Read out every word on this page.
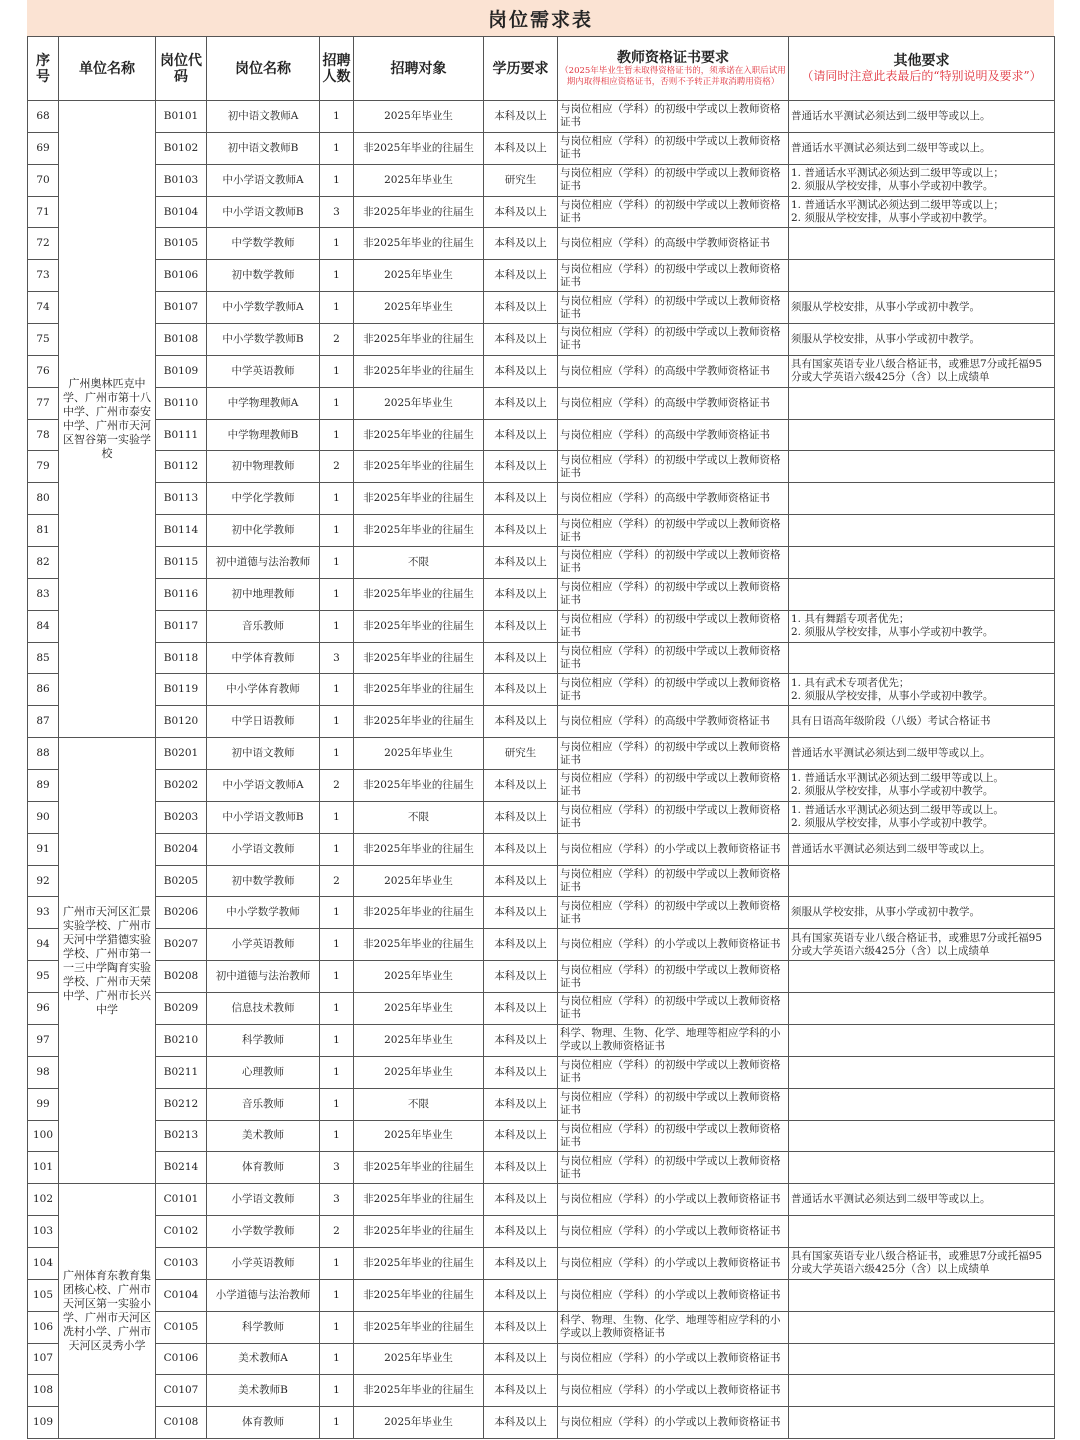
岗位需求表
序号	单位名称	岗位代码	岗位名称	招聘人数	招聘对象	学历要求	教师资格证书要求
（2025年毕业生暂未取得资格证书的，须承诺在入职后试用期内取得相应资格证书，否则不予转正并取消聘用资格）	其他要求
（请同时注意此表最后的“特别说明及要求”）

68	广州奥林匹克中学、广州市第十八中学、广州市泰安中学、广州市天河区智谷第一实验学校	B0101	初中语文教师A	1	2025年毕业生	本科及以上	与岗位相应（学科）的初级中学或以上教师资格证书	普通话水平测试必须达到二级甲等或以上。
69		B0102	初中语文教师B	1	非2025年毕业的往届生	本科及以上	与岗位相应（学科）的初级中学或以上教师资格证书	普通话水平测试必须达到二级甲等或以上。
70		B0103	中小学语文教师A	1	2025年毕业生	研究生	与岗位相应（学科）的初级中学或以上教师资格证书	1. 普通话水平测试必须达到二级甲等或以上；
2. 须服从学校安排，从事小学或初中教学。
71		B0104	中小学语文教师B	3	非2025年毕业的往届生	本科及以上	与岗位相应（学科）的初级中学或以上教师资格证书	1. 普通话水平测试必须达到二级甲等或以上；
2. 须服从学校安排，从事小学或初中教学。
72		B0105	中学数学教师	1	非2025年毕业的往届生	本科及以上	与岗位相应（学科）的高级中学教师资格证书	
73		B0106	初中数学教师	1	2025年毕业生	本科及以上	与岗位相应（学科）的初级中学或以上教师资格证书	
74		B0107	中小学数学教师A	1	2025年毕业生	本科及以上	与岗位相应（学科）的初级中学或以上教师资格证书	须服从学校安排，从事小学或初中教学。
75		B0108	中小学数学教师B	2	非2025年毕业的往届生	本科及以上	与岗位相应（学科）的初级中学或以上教师资格证书	须服从学校安排，从事小学或初中教学。
76		B0109	中学英语教师	1	非2025年毕业的往届生	本科及以上	与岗位相应（学科）的高级中学教师资格证书	具有国家英语专业八级合格证书，或雅思7分或托福95分或大学英语六级425分（含）以上成绩单
77		B0110	中学物理教师A	1	2025年毕业生	本科及以上	与岗位相应（学科）的高级中学教师资格证书	
78		B0111	中学物理教师B	1	非2025年毕业的往届生	本科及以上	与岗位相应（学科）的高级中学教师资格证书	
79		B0112	初中物理教师	2	非2025年毕业的往届生	本科及以上	与岗位相应（学科）的初级中学或以上教师资格证书	
80		B0113	中学化学教师	1	非2025年毕业的往届生	本科及以上	与岗位相应（学科）的高级中学教师资格证书	
81		B0114	初中化学教师	1	非2025年毕业的往届生	本科及以上	与岗位相应（学科）的初级中学或以上教师资格证书	
82		B0115	初中道德与法治教师	1	不限	本科及以上	与岗位相应（学科）的初级中学或以上教师资格证书	
83		B0116	初中地理教师	1	非2025年毕业的往届生	本科及以上	与岗位相应（学科）的初级中学或以上教师资格证书	
84		B0117	音乐教师	1	非2025年毕业的往届生	本科及以上	与岗位相应（学科）的初级中学或以上教师资格证书	1. 具有舞蹈专项者优先；
2. 须服从学校安排，从事小学或初中教学。
85		B0118	中学体育教师	3	非2025年毕业的往届生	本科及以上	与岗位相应（学科）的初级中学或以上教师资格证书	
86		B0119	中小学体育教师	1	非2025年毕业的往届生	本科及以上	与岗位相应（学科）的初级中学或以上教师资格证书	1. 具有武术专项者优先；
2. 须服从学校安排，从事小学或初中教学。
87		B0120	中学日语教师	1	非2025年毕业的往届生	本科及以上	与岗位相应（学科）的高级中学教师资格证书	具有日语高年级阶段（八级）考试合格证书
88	广州市天河区汇景实验学校、广州市天河中学猎德实验学校、广州市第一一三中学陶育实验学校、广州市天荣中学、广州市长兴中学	B0201	初中语文教师	1	2025年毕业生	研究生	与岗位相应（学科）的初级中学或以上教师资格证书	普通话水平测试必须达到二级甲等或以上。
89		B0202	中小学语文教师A	2	非2025年毕业的往届生	本科及以上	与岗位相应（学科）的初级中学或以上教师资格证书	1. 普通话水平测试必须达到二级甲等或以上。
2. 须服从学校安排，从事小学或初中教学。
90		B0203	中小学语文教师B	1	不限	本科及以上	与岗位相应（学科）的初级中学或以上教师资格证书	1. 普通话水平测试必须达到二级甲等或以上。
2. 须服从学校安排，从事小学或初中教学。
91		B0204	小学语文教师	1	非2025年毕业的往届生	本科及以上	与岗位相应（学科）的小学或以上教师资格证书	普通话水平测试必须达到二级甲等或以上。
92		B0205	初中数学教师	2	2025年毕业生	本科及以上	与岗位相应（学科）的初级中学或以上教师资格证书	
93		B0206	中小学数学教师	1	非2025年毕业的往届生	本科及以上	与岗位相应（学科）的初级中学或以上教师资格证书	须服从学校安排，从事小学或初中教学。
94		B0207	小学英语教师	1	非2025年毕业的往届生	本科及以上	与岗位相应（学科）的小学或以上教师资格证书	具有国家英语专业八级合格证书，或雅思7分或托福95分或大学英语六级425分（含）以上成绩单
95		B0208	初中道德与法治教师	1	2025年毕业生	本科及以上	与岗位相应（学科）的初级中学或以上教师资格证书	
96		B0209	信息技术教师	1	2025年毕业生	本科及以上	与岗位相应（学科）的初级中学或以上教师资格证书	
97		B0210	科学教师	1	2025年毕业生	本科及以上	科学、物理、生物、化学、地理等相应学科的小学或以上教师资格证书	
98		B0211	心理教师	1	2025年毕业生	本科及以上	与岗位相应（学科）的初级中学或以上教师资格证书	
99		B0212	音乐教师	1	不限	本科及以上	与岗位相应（学科）的初级中学或以上教师资格证书	
100		B0213	美术教师	1	2025年毕业生	本科及以上	与岗位相应（学科）的初级中学或以上教师资格证书	
101		B0214	体育教师	3	非2025年毕业的往届生	本科及以上	与岗位相应（学科）的初级中学或以上教师资格证书	
102	广州体育东教育集团核心校、广州市天河区第一实验小学、广州市天河区冼村小学、广州市天河区灵秀小学	C0101	小学语文教师	3	非2025年毕业的往届生	本科及以上	与岗位相应（学科）的小学或以上教师资格证书	普通话水平测试必须达到二级甲等或以上。
103		C0102	小学数学教师	2	非2025年毕业的往届生	本科及以上	与岗位相应（学科）的小学或以上教师资格证书	
104		C0103	小学英语教师	1	非2025年毕业的往届生	本科及以上	与岗位相应（学科）的小学或以上教师资格证书	具有国家英语专业八级合格证书，或雅思7分或托福95分或大学英语六级425分（含）以上成绩单
105		C0104	小学道德与法治教师	1	非2025年毕业的往届生	本科及以上	与岗位相应（学科）的小学或以上教师资格证书	
106		C0105	科学教师	1	非2025年毕业的往届生	本科及以上	科学、物理、生物、化学、地理等相应学科的小学或以上教师资格证书	
107		C0106	美术教师A	1	2025年毕业生	本科及以上	与岗位相应（学科）的小学或以上教师资格证书	
108		C0107	美术教师B	1	非2025年毕业的往届生	本科及以上	与岗位相应（学科）的小学或以上教师资格证书	
109		C0108	体育教师	1	2025年毕业生	本科及以上	与岗位相应（学科）的小学或以上教师资格证书	
